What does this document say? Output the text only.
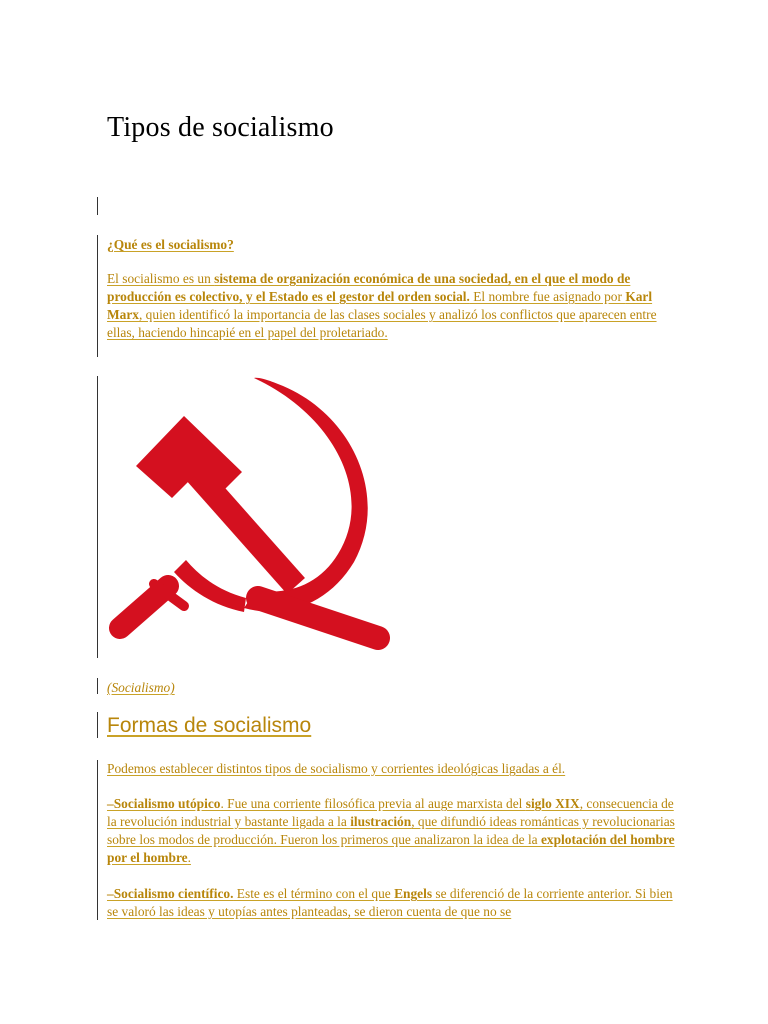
Tipos de socialismo
¿Qué es el socialismo?
El socialismo es un sistema de organización económica de una sociedad, en el que el modo de producción es colectivo, y el Estado es el gestor del orden social. El nombre fue asignado por Karl Marx, quien identificó la importancia de las clases sociales y analizó los conflictos que aparecen entre ellas, haciendo hincapié en el papel del proletariado.
(Socialismo)
Formas de socialismo
Podemos establecer distintos tipos de socialismo y corrientes ideológicas ligadas a él.
–Socialismo utópico. Fue una corriente filosófica previa al auge marxista del siglo XIX, consecuencia de la revolución industrial y bastante ligada a la ilustración, que difundió ideas románticas y revolucionarias sobre los modos de producción. Fueron los primeros que analizaron la idea de la explotación del hombre por el hombre.
–Socialismo científico. Este es el término con el que Engels se diferenció de la corriente anterior. Si bien se valoró las ideas y utopías antes planteadas, se dieron cuenta de que no se
